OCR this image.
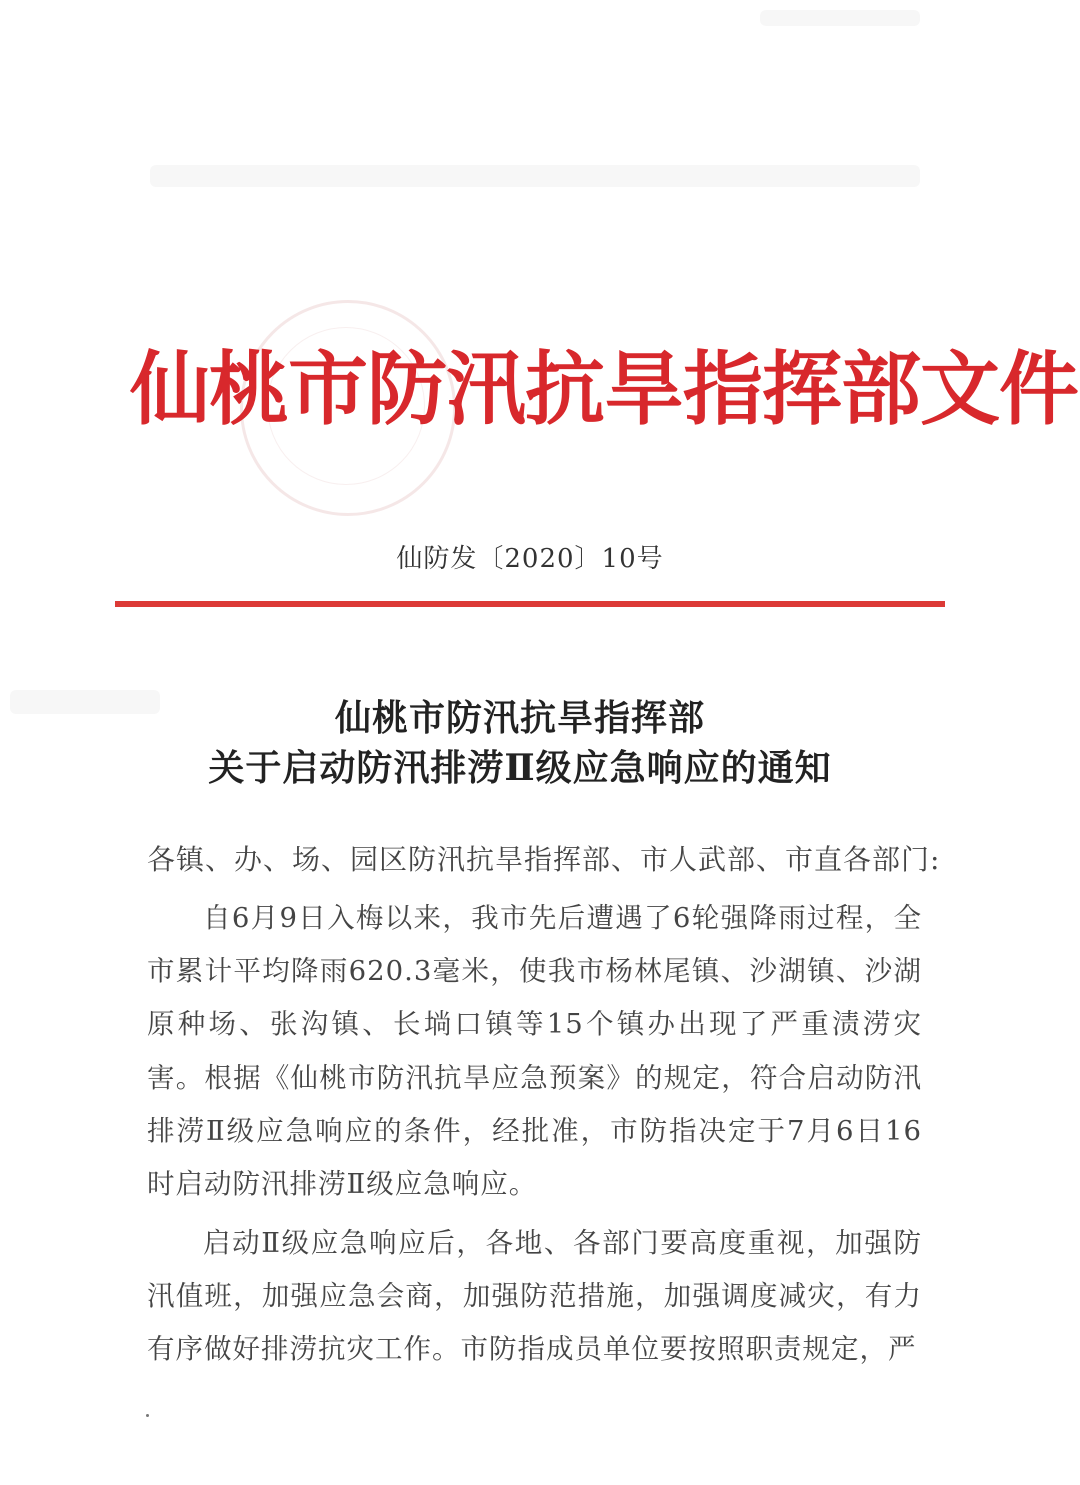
仙桃市防汛抗旱指挥部文件
仙防发〔2020〕10号
仙桃市防汛抗旱指挥部
关于启动防汛排涝Ⅱ级应急响应的通知
各镇、办、场、园区防汛抗旱指挥部、市人武部、市直各部门:

自6月9日入梅以来，我市先后遭遇了6轮强降雨过程，全市累计平均降雨620.3毫米，使我市杨林尾镇、沙湖镇、沙湖原种场、张沟镇、长埫口镇等15个镇办出现了严重渍涝灾害。根据《仙桃市防汛抗旱应急预案》的规定，符合启动防汛排涝Ⅱ级应急响应的条件，经批准，市防指决定于7月6日16时启动防汛排涝Ⅱ级应急响应。

启动Ⅱ级应急响应后，各地、各部门要高度重视，加强防汛值班，加强应急会商，加强防范措施，加强调度减灾，有力有序做好排涝抗灾工作。市防指成员单位要按照职责规定，严
